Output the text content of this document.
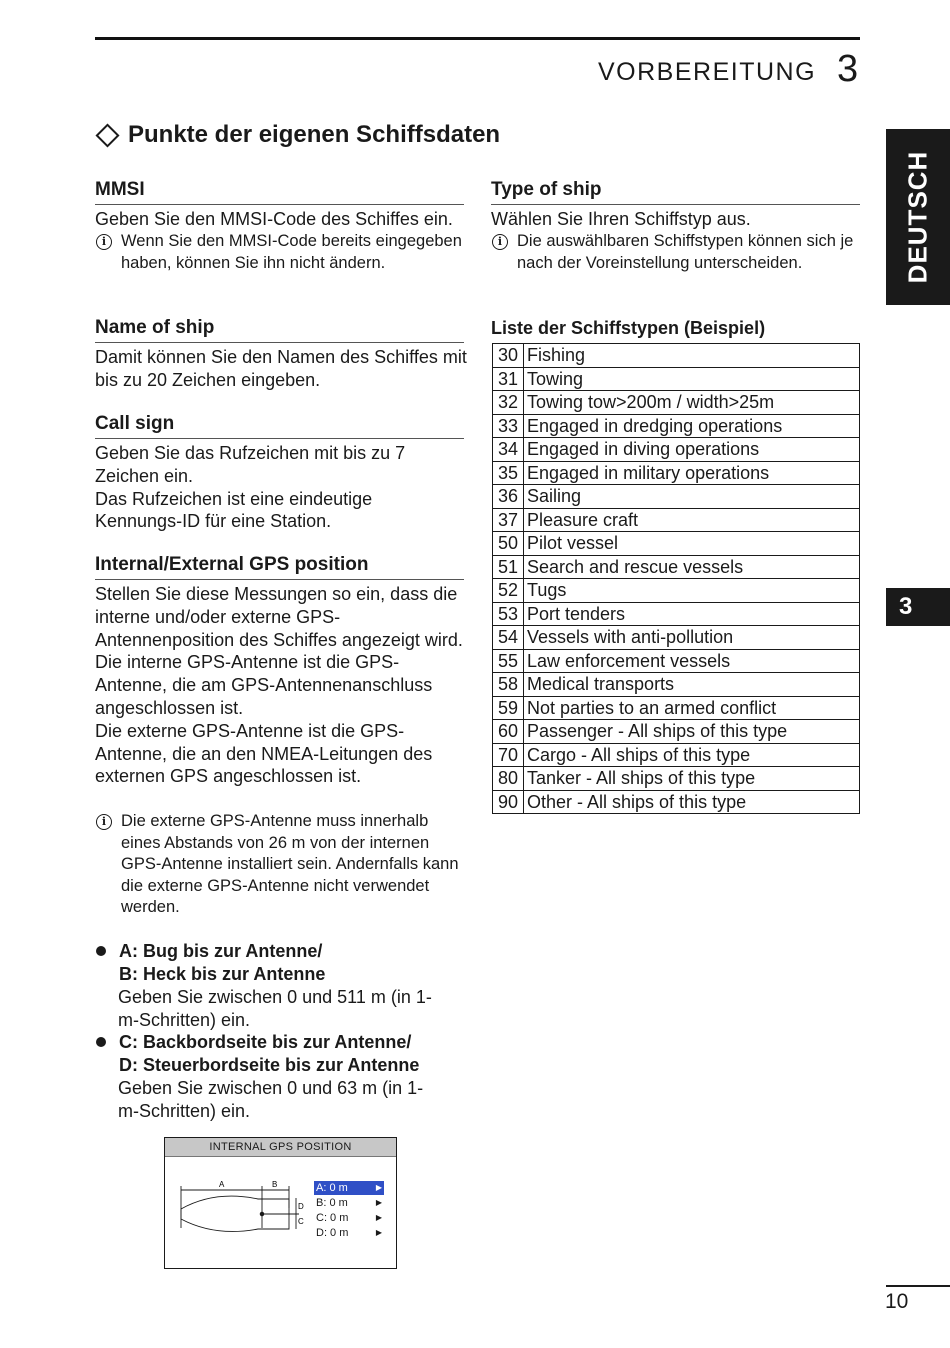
VORBEREITUNG 3
DEUTSCH
3
Punkte der eigenen Schiffsdaten
MMSI

Geben Sie den MMSI-Code des Schiffes ein.

i Wenn Sie den MMSI-Code bereits eingegeben haben, können Sie ihn nicht ändern.
Name of ship

Damit können Sie den Namen des Schiffes mit bis zu 20 Zeichen eingeben.

Call sign

Geben Sie das Rufzeichen mit bis zu 7 Zeichen ein.
Das Rufzeichen ist eine eindeutige Kennungs-ID für eine Station.

Internal/External GPS position

Stellen Sie diese Messungen so ein, dass die interne und/oder externe GPS-Antennenposition des Schiffes angezeigt wird.
Die interne GPS-Antenne ist die GPS-Antenne, die am GPS-Antennenanschluss angeschlossen ist.
Die externe GPS-Antenne ist die GPS-Antenne, die an den NMEA-Leitungen des externen GPS angeschlossen ist.

i Die externe GPS-Antenne muss innerhalb eines Abstands von 26 m von der internen GPS-Antenne installiert sein. Andernfalls kann die externe GPS-Antenne nicht verwendet werden.
A: Bug bis zur Antenne/
B: Heck bis zur Antenne

Geben Sie zwischen 0 und 511 m (in 1-m-Schritten) ein.
C: Backbordseite bis zur Antenne/
D: Steuerbordseite bis zur Antenne

Geben Sie zwischen 0 und 63 m (in 1-m-Schritten) ein.
INTERNAL GPS POSITION
A	B
D
C
A: 0 m	▶
B: 0 m	▶
C: 0 m	▶
D: 0 m	▶
Type of ship

Wählen Sie Ihren Schiffstyp aus.

i Die auswählbaren Schiffstypen können sich je nach der Voreinstellung unterscheiden.
Liste der Schiffstypen (Beispiel)
30	Fishing
31	Towing
32	Towing tow>200m / width>25m
33	Engaged in dredging operations
34	Engaged in diving operations
35	Engaged in military operations
36	Sailing
37	Pleasure craft
50	Pilot vessel
51	Search and rescue vessels
52	Tugs
53	Port tenders
54	Vessels with anti-pollution
55	Law enforcement vessels
58	Medical transports
59	Not parties to an armed conflict
60	Passenger - All ships of this type
70	Cargo - All ships of this type
80	Tanker - All ships of this type
90	Other - All ships of this type
10
